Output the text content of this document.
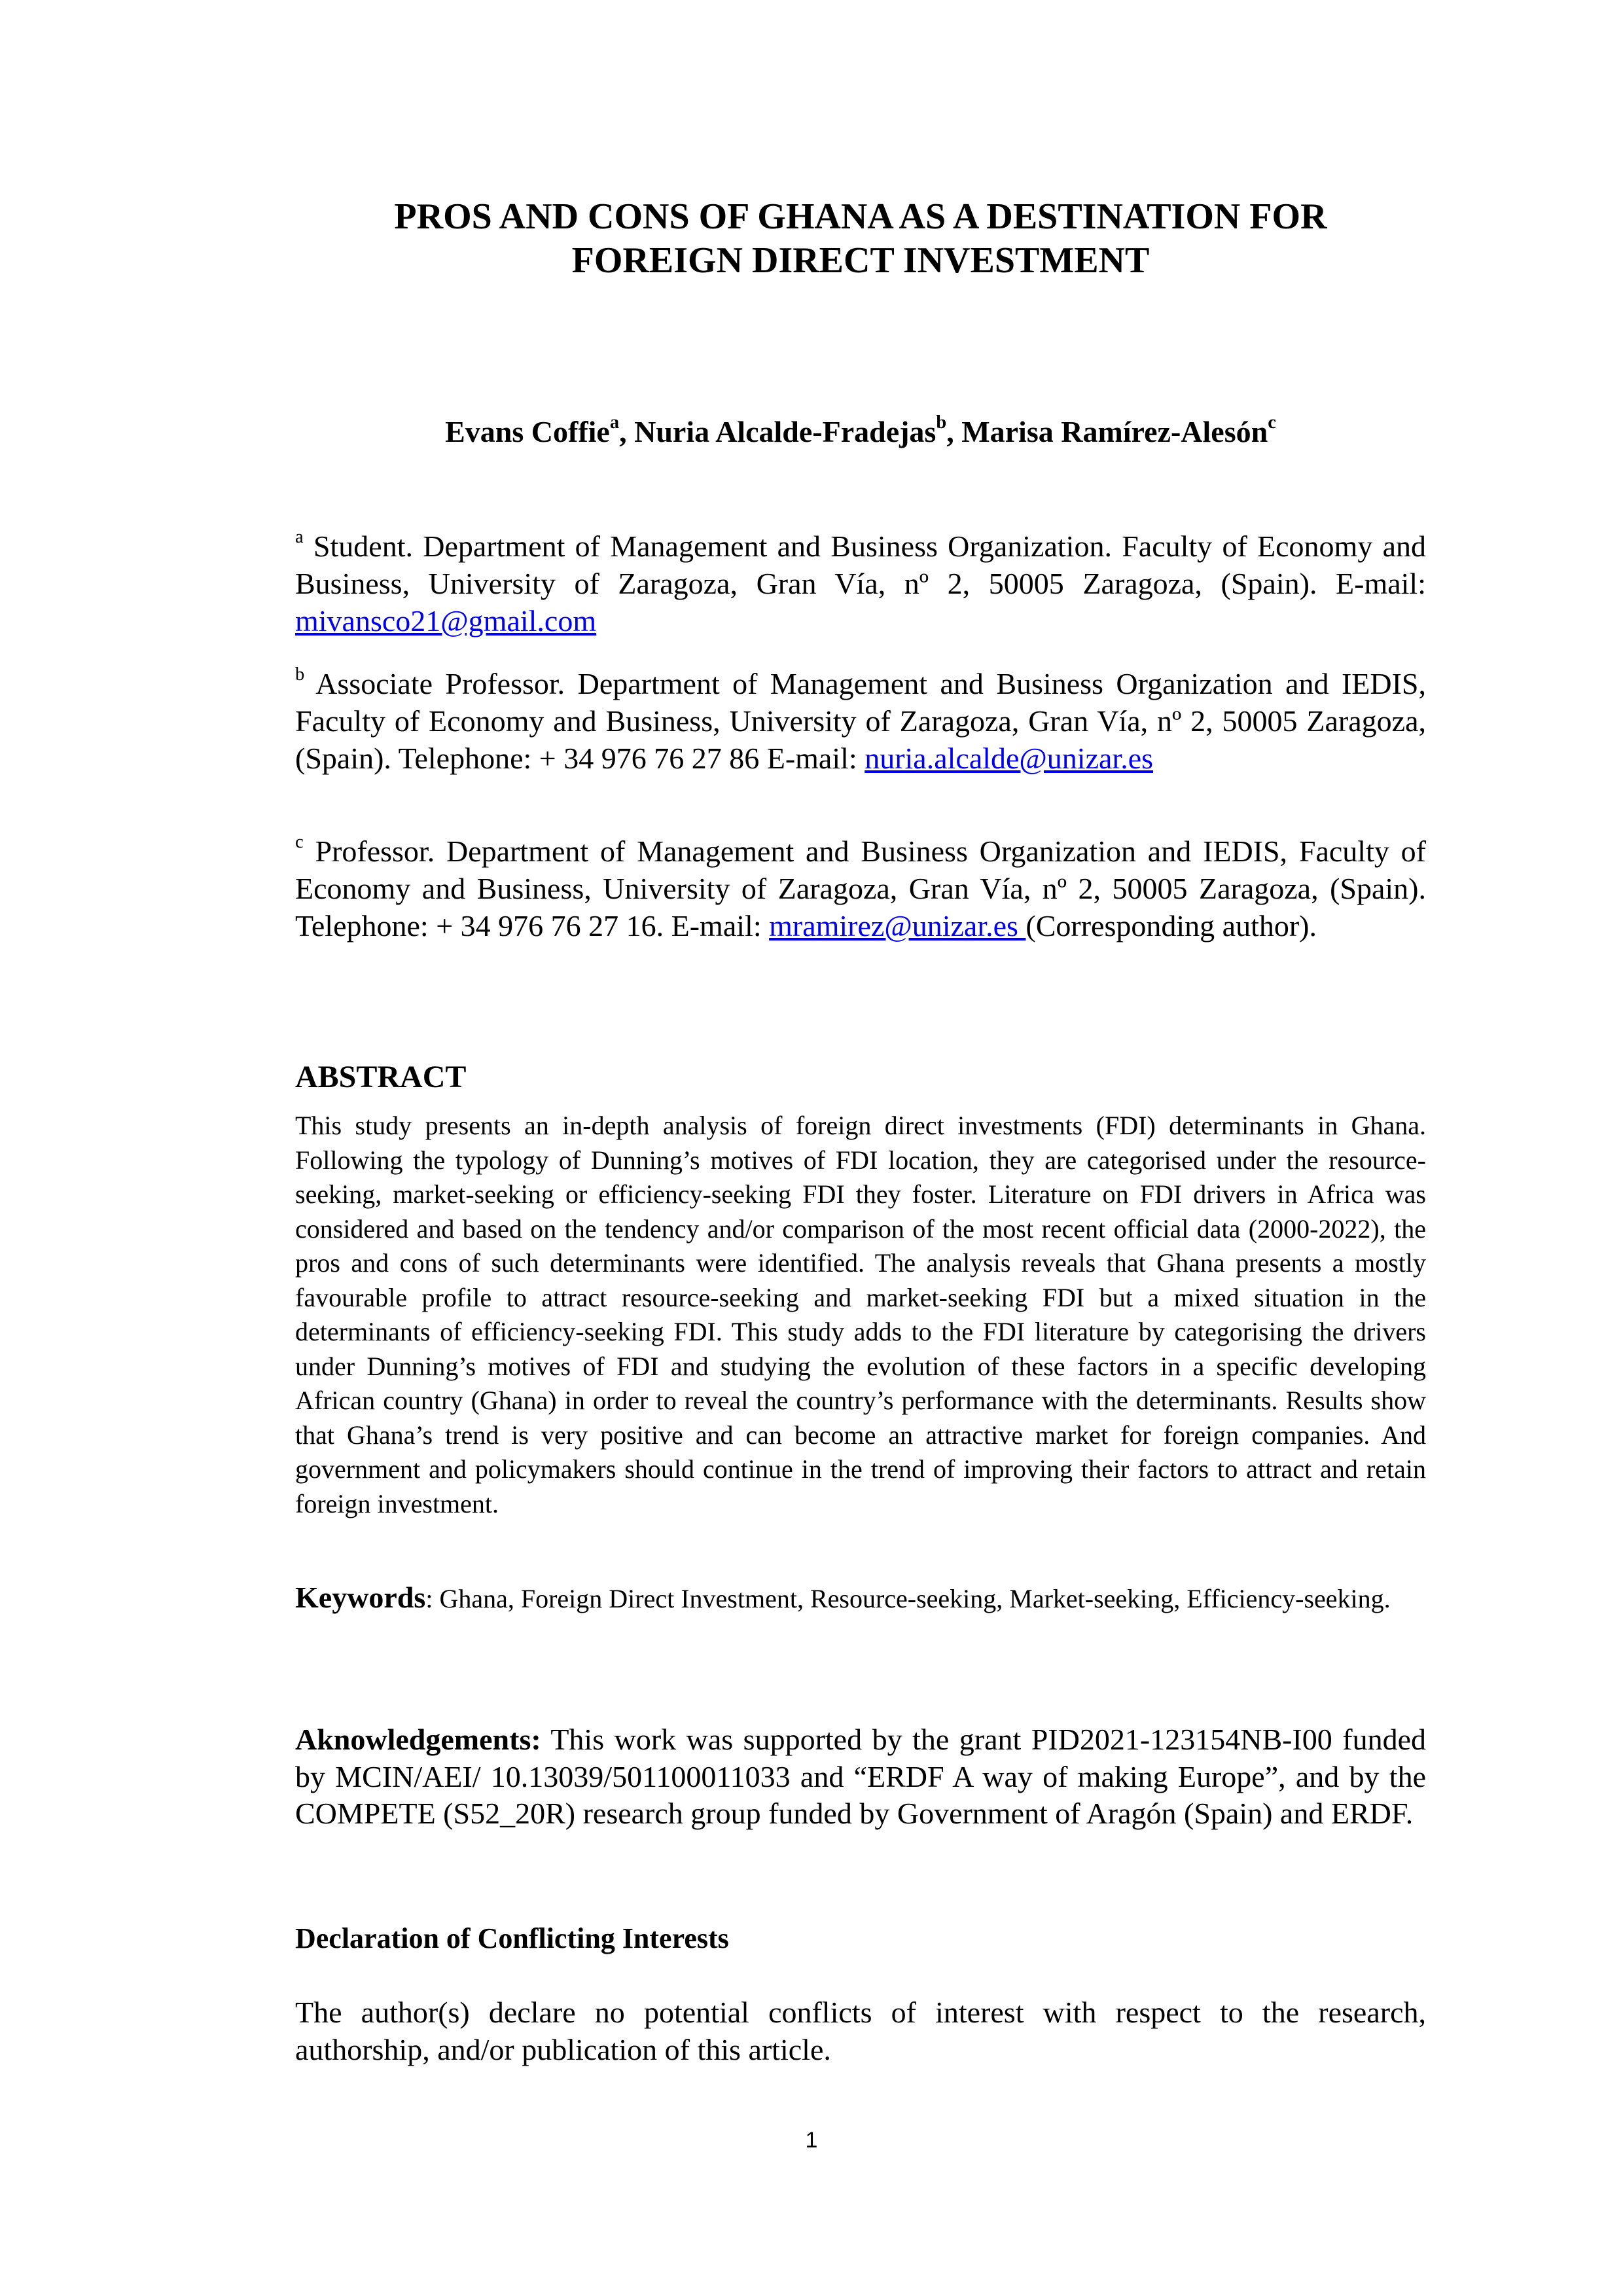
PROS AND CONS OF GHANA AS A DESTINATION FOR
FOREIGN DIRECT INVESTMENT
Evans Coffie$^a$, Nuria Alcalde-Fradejas$^b$, Marisa Ramírez-Alesón$^c$
$^a$ Student. Department of Management and Business Organization. Faculty of Economy and Business, University of Zaragoza, Gran Vía, nº 2, 50005 Zaragoza, (Spain). E-mail: mivansco21@gmail.com
$^b$ Associate Professor. Department of Management and Business Organization and IEDIS, Faculty of Economy and Business, University of Zaragoza, Gran Vía, nº 2, 50005 Zaragoza, (Spain). Telephone: + 34 976 76 27 86 E-mail: nuria.alcalde@unizar.es
$^c$ Professor. Department of Management and Business Organization and IEDIS, Faculty of Economy and Business, University of Zaragoza, Gran Vía, nº 2, 50005 Zaragoza, (Spain). Telephone: + 34 976 76 27 16. E-mail: mramirez@unizar.es (Corresponding author).
ABSTRACT
This study presents an in-depth analysis of foreign direct investments (FDI) determinants in Ghana. Following the typology of Dunning’s motives of FDI location, they are categorised under the resource-seeking, market-seeking or efficiency-seeking FDI they foster. Literature on FDI drivers in Africa was considered and based on the tendency and/or comparison of the most recent official data (2000-2022), the pros and cons of such determinants were identified. The analysis reveals that Ghana presents a mostly favourable profile to attract resource-seeking and market-seeking FDI but a mixed situation in the determinants of efficiency-seeking FDI. This study adds to the FDI literature by categorising the drivers under Dunning’s motives of FDI and studying the evolution of these factors in a specific developing African country (Ghana) in order to reveal the country’s performance with the determinants. Results show that Ghana’s trend is very positive and can become an attractive market for foreign companies. And government and policymakers should continue in the trend of improving their factors to attract and retain foreign investment.
Keywords: Ghana, Foreign Direct Investment, Resource-seeking, Market-seeking, Efficiency-seeking.
Aknowledgements: This work was supported by the grant PID2021-123154NB-I00 funded by MCIN/AEI/ 10.13039/501100011033 and “ERDF A way of making Europe”, and by the COMPETE (S52_20R) research group funded by Government of Aragón (Spain) and ERDF.
Declaration of Conflicting Interests
The author(s) declare no potential conflicts of interest with respect to the research, authorship, and/or publication of this article.
1
